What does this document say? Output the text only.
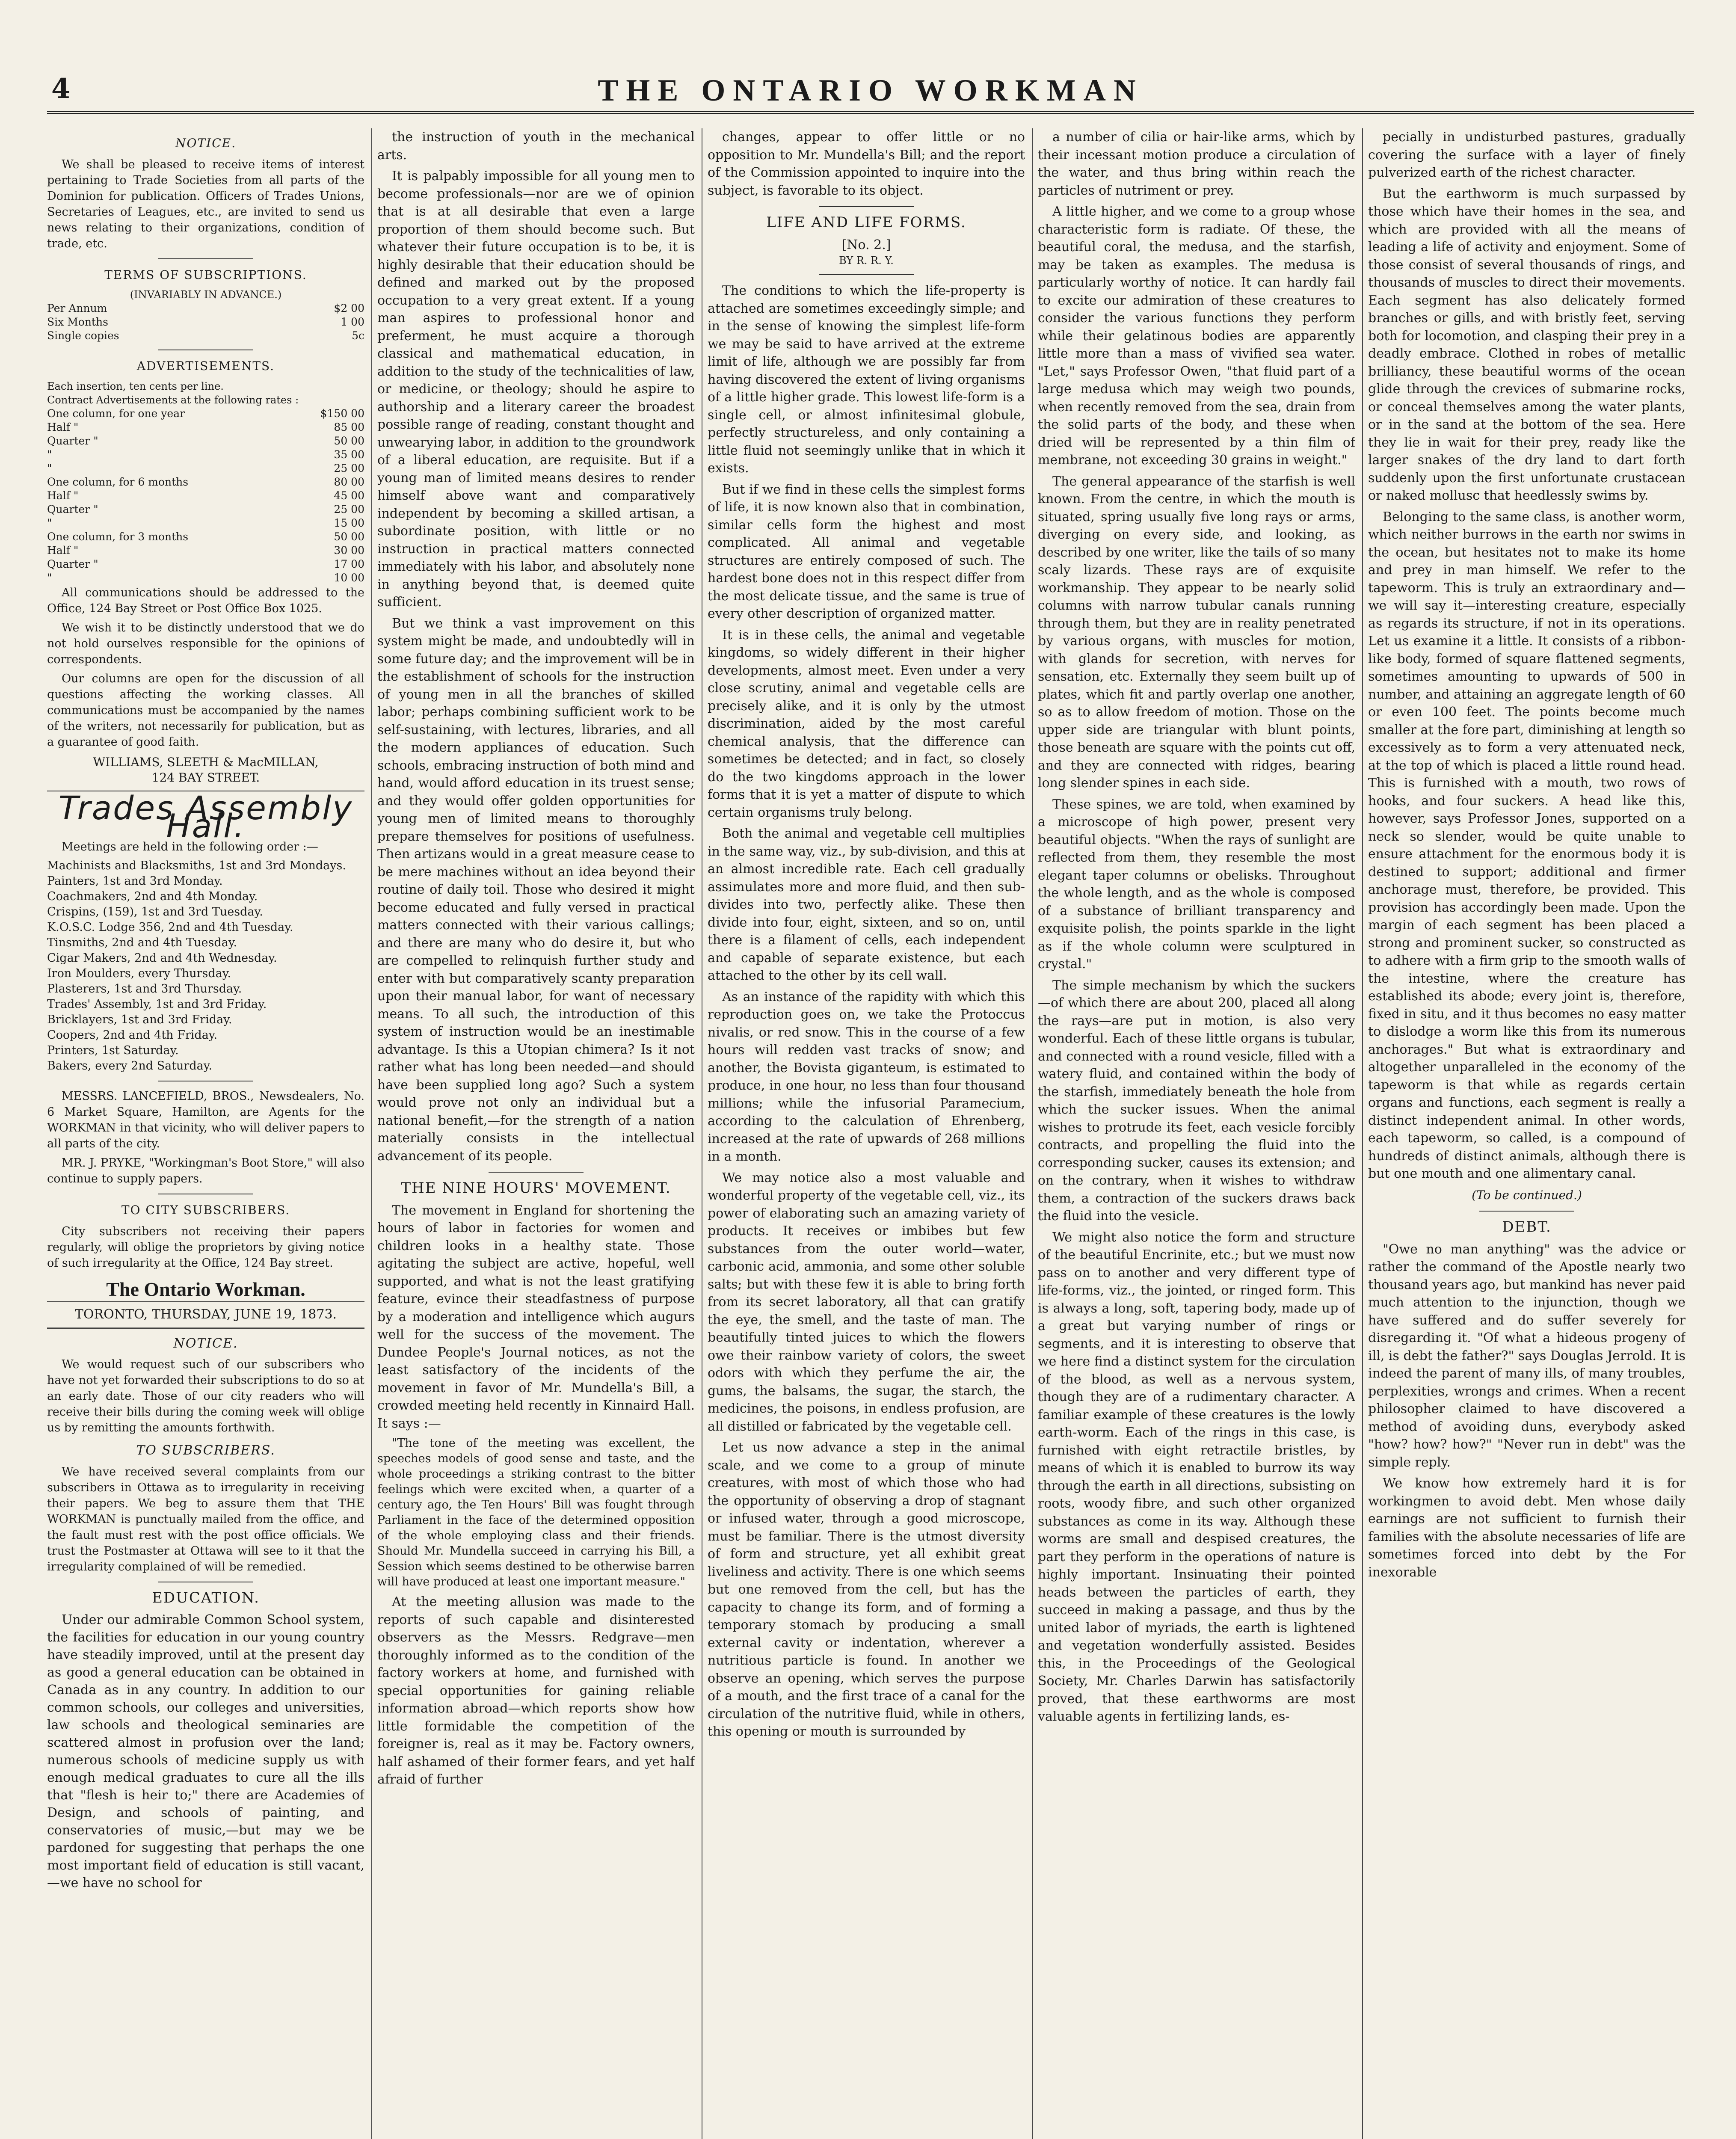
4	THE ONTARIO WORKMAN
NOTICE.

We shall be pleased to receive items of interest pertaining to Trade Societies from all parts of the Dominion for publication. Officers of Trades Unions, Secretaries of Leagues, etc., are invited to send us news relating to their organizations, condition of trade, etc.

TERMS OF SUBSCRIPTIONS.
(INVARIABLY IN ADVANCE.)
Per Annum	$2 00
Six Months	1 00
Single copies	5c
ADVERTISEMENTS.
Each insertion, ten cents per line.
Contract Advertisements at the following rates :
One column, for one year	$150 00
Half "	85 00
Quarter "	50 00
"	35 00
"	25 00
One column, for 6 months	80 00
Half "	45 00
Quarter "	25 00
"	15 00
One column, for 3 months	50 00
Half "	30 00
Quarter "	17 00
"	10 00

All communications should be addressed to the Office, 124 Bay Street or Post Office Box 1025.

We wish it to be distinctly understood that we do not hold ourselves responsible for the opinions of correspondents.

Our columns are open for the discussion of all questions affecting the working classes. All communications must be accompanied by the names of the writers, not necessarily for publication, but as a guarantee of good faith.

WILLIAMS, SLEETH & MacMILLAN,
124 BAY STREET.
Trades Assembly Hall.

Meetings are held in the following order :—

Machinists and Blacksmiths, 1st and 3rd Mondays.
Painters, 1st and 3rd Monday.
Coachmakers, 2nd and 4th Monday.
Crispins, (159), 1st and 3rd Tuesday.
K.O.S.C. Lodge 356, 2nd and 4th Tuesday.
Tinsmiths, 2nd and 4th Tuesday.
Cigar Makers, 2nd and 4th Wednesday.
Iron Moulders, every Thursday.
Plasterers, 1st and 3rd Thursday.
Trades' Assembly, 1st and 3rd Friday.
Bricklayers, 1st and 3rd Friday.
Coopers, 2nd and 4th Friday.
Printers, 1st Saturday.
Bakers, every 2nd Saturday.

MESSRS. LANCEFIELD, BROS., Newsdealers, No. 6 Market Square, Hamilton, are Agents for the WORKMAN in that vicinity, who will deliver papers to all parts of the city.

MR. J. PRYKE, "Workingman's Boot Store," will also continue to supply papers.

TO CITY SUBSCRIBERS.

City subscribers not receiving their papers regularly, will oblige the proprietors by giving notice of such irregularity at the Office, 124 Bay street.

The Ontario Workman.
TORONTO, THURSDAY, JUNE 19, 1873.
NOTICE.

We would request such of our subscribers who have not yet forwarded their subscriptions to do so at an early date. Those of our city readers who will receive their bills during the coming week will oblige us by remitting the amounts forthwith.

TO SUBSCRIBERS.

We have received several complaints from our subscribers in Ottawa as to irregularity in receiving their papers. We beg to assure them that THE WORKMAN is punctually mailed from the office, and the fault must rest with the post office officials. We trust the Postmaster at Ottawa will see to it that the irregularity complained of will be remedied.

EDUCATION.

Under our admirable Common School system, the facilities for education in our young country have steadily improved, until at the present day as good a general education can be obtained in Canada as in any country. In addition to our common schools, our colleges and universities, law schools and theological seminaries are scattered almost in profusion over the land; numerous schools of medicine supply us with enough medical graduates to cure all the ills that "flesh is heir to;" there are Academies of Design, and schools of painting, and conservatories of music,—but may we be pardoned for suggesting that perhaps the one most important field of education is still vacant,—we have no school for

the instruction of youth in the mechanical arts.

It is palpably impossible for all young men to become professionals—nor are we of opinion that is at all desirable that even a large proportion of them should become such. But whatever their future occupation is to be, it is highly desirable that their education should be defined and marked out by the proposed occupation to a very great extent. If a young man aspires to professional honor and preferment, he must acquire a thorough classical and mathematical education, in addition to the study of the technicalities of law, or medicine, or theology; should he aspire to authorship and a literary career the broadest possible range of reading, constant thought and unwearying labor, in addition to the groundwork of a liberal education, are requisite. But if a young man of limited means desires to render himself above want and comparatively independent by becoming a skilled artisan, a subordinate position, with little or no instruction in practical matters connected immediately with his labor, and absolutely none in anything beyond that, is deemed quite sufficient.

But we think a vast improvement on this system might be made, and undoubtedly will in some future day; and the improvement will be in the establishment of schools for the instruction of young men in all the branches of skilled labor; perhaps combining sufficient work to be self-sustaining, with lectures, libraries, and all the modern appliances of education. Such schools, embracing instruction of both mind and hand, would afford education in its truest sense; and they would offer golden opportunities for young men of limited means to thoroughly prepare themselves for positions of usefulness. Then artizans would in a great measure cease to be mere machines without an idea beyond their routine of daily toil. Those who desired it might become educated and fully versed in practical matters connected with their various callings; and there are many who do desire it, but who are compelled to relinquish further study and enter with but comparatively scanty preparation upon their manual labor, for want of necessary means. To all such, the introduction of this system of instruction would be an inestimable advantage. Is this a Utopian chimera? Is it not rather what has long been needed—and should have been supplied long ago? Such a system would prove not only an individual but a national benefit,—for the strength of a nation materially consists in the intellectual advancement of its people.

THE NINE HOURS' MOVEMENT.

The movement in England for shortening the hours of labor in factories for women and children looks in a healthy state. Those agitating the subject are active, hopeful, well supported, and what is not the least gratifying feature, evince their steadfastness of purpose by a moderation and intelligence which augurs well for the success of the movement. The Dundee People's Journal notices, as not the least satisfactory of the incidents of the movement in favor of Mr. Mundella's Bill, a crowded meeting held recently in Kinnaird Hall. It says :—

"The tone of the meeting was excellent, the speeches models of good sense and taste, and the whole proceedings a striking contrast to the bitter feelings which were excited when, a quarter of a century ago, the Ten Hours' Bill was fought through Parliament in the face of the determined opposition of the whole employing class and their friends. Should Mr. Mundella succeed in carrying his Bill, a Session which seems destined to be otherwise barren will have produced at least one important measure."

At the meeting allusion was made to the reports of such capable and disinterested observers as the Messrs. Redgrave—men thoroughly informed as to the condition of the factory workers at home, and furnished with special opportunities for gaining reliable information abroad—which reports show how little formidable the competition of the foreigner is, real as it may be. Factory owners, half ashamed of their former fears, and yet half afraid of further

changes, appear to offer little or no opposition to Mr. Mundella's Bill; and the report of the Commission appointed to inquire into the subject, is favorable to its object.

LIFE AND LIFE FORMS.
[No. 2.]
BY R. R. Y.

The conditions to which the life-property is attached are sometimes exceedingly simple; and in the sense of knowing the simplest life-form we may be said to have arrived at the extreme limit of life, although we are possibly far from having discovered the extent of living organisms of a little higher grade. This lowest life-form is a single cell, or almost infinitesimal globule, perfectly structureless, and only containing a little fluid not seemingly unlike that in which it exists.

But if we find in these cells the simplest forms of life, it is now known also that in combination, similar cells form the highest and most complicated. All animal and vegetable structures are entirely composed of such. The hardest bone does not in this respect differ from the most delicate tissue, and the same is true of every other description of organized matter.

It is in these cells, the animal and vegetable kingdoms, so widely different in their higher developments, almost meet. Even under a very close scrutiny, animal and vegetable cells are precisely alike, and it is only by the utmost discrimination, aided by the most careful chemical analysis, that the difference can sometimes be detected; and in fact, so closely do the two kingdoms approach in the lower forms that it is yet a matter of dispute to which certain organisms truly belong.

Both the animal and vegetable cell multiplies in the same way, viz., by sub-division, and this at an almost incredible rate. Each cell gradually assimulates more and more fluid, and then sub-divides into two, perfectly alike. These then divide into four, eight, sixteen, and so on, until there is a filament of cells, each independent and capable of separate existence, but each attached to the other by its cell wall.

As an instance of the rapidity with which this reproduction goes on, we take the Protoccus nivalis, or red snow. This in the course of a few hours will redden vast tracks of snow; and another, the Bovista giganteum, is estimated to produce, in one hour, no less than four thousand millions; while the infusorial Paramecium, according to the calculation of Ehrenberg, increased at the rate of upwards of 268 millions in a month.

We may notice also a most valuable and wonderful property of the vegetable cell, viz., its power of elaborating such an amazing variety of products. It receives or imbibes but few substances from the outer world—water, carbonic acid, ammonia, and some other soluble salts; but with these few it is able to bring forth from its secret laboratory, all that can gratify the eye, the smell, and the taste of man. The beautifully tinted juices to which the flowers owe their rainbow variety of colors, the sweet odors with which they perfume the air, the gums, the balsams, the sugar, the starch, the medicines, the poisons, in endless profusion, are all distilled or fabricated by the vegetable cell.

Let us now advance a step in the animal scale, and we come to a group of minute creatures, with most of which those who had the opportunity of observing a drop of stagnant or infused water, through a good microscope, must be familiar. There is the utmost diversity of form and structure, yet all exhibit great liveliness and activity. There is one which seems but one removed from the cell, but has the capacity to change its form, and of forming a temporary stomach by producing a small external cavity or indentation, wherever a nutritious particle is found. In another we observe an opening, which serves the purpose of a mouth, and the first trace of a canal for the circulation of the nutritive fluid, while in others, this opening or mouth is surrounded by

a number of cilia or hair-like arms, which by their incessant motion produce a circulation of the water, and thus bring within reach the particles of nutriment or prey.

A little higher, and we come to a group whose characteristic form is radiate. Of these, the beautiful coral, the medusa, and the starfish, may be taken as examples. The medusa is particularly worthy of notice. It can hardly fail to excite our admiration of these creatures to consider the various functions they perform while their gelatinous bodies are apparently little more than a mass of vivified sea water. "Let," says Professor Owen, "that fluid part of a large medusa which may weigh two pounds, when recently removed from the sea, drain from the solid parts of the body, and these when dried will be represented by a thin film of membrane, not exceeding 30 grains in weight."

The general appearance of the starfish is well known. From the centre, in which the mouth is situated, spring usually five long rays or arms, diverging on every side, and looking, as described by one writer, like the tails of so many scaly lizards. These rays are of exquisite workmanship. They appear to be nearly solid columns with narrow tubular canals running through them, but they are in reality penetrated by various organs, with muscles for motion, with glands for secretion, with nerves for sensation, etc. Externally they seem built up of plates, which fit and partly overlap one another, so as to allow freedom of motion. Those on the upper side are triangular with blunt points, those beneath are square with the points cut off, and they are connected with ridges, bearing long slender spines in each side.

These spines, we are told, when examined by a microscope of high power, present very beautiful objects. "When the rays of sunlight are reflected from them, they resemble the most elegant taper columns or obelisks. Throughout the whole length, and as the whole is composed of a substance of brilliant transparency and exquisite polish, the points sparkle in the light as if the whole column were sculptured in crystal."

The simple mechanism by which the suckers—of which there are about 200, placed all along the rays—are put in motion, is also very wonderful. Each of these little organs is tubular, and connected with a round vesicle, filled with a watery fluid, and contained within the body of the starfish, immediately beneath the hole from which the sucker issues. When the animal wishes to protrude its feet, each vesicle forcibly contracts, and propelling the fluid into the corresponding sucker, causes its extension; and on the contrary, when it wishes to withdraw them, a contraction of the suckers draws back the fluid into the vesicle.

We might also notice the form and structure of the beautiful Encrinite, etc.; but we must now pass on to another and very different type of life-forms, viz., the jointed, or ringed form. This is always a long, soft, tapering body, made up of a great but varying number of rings or segments, and it is interesting to observe that we here find a distinct system for the circulation of the blood, as well as a nervous system, though they are of a rudimentary character. A familiar example of these creatures is the lowly earth-worm. Each of the rings in this case, is furnished with eight retractile bristles, by means of which it is enabled to burrow its way through the earth in all directions, subsisting on roots, woody fibre, and such other organized substances as come in its way. Although these worms are small and despised creatures, the part they perform in the operations of nature is highly important. Insinuating their pointed heads between the particles of earth, they succeed in making a passage, and thus by the united labor of myriads, the earth is lightened and vegetation wonderfully assisted. Besides this, in the Proceedings of the Geological Society, Mr. Charles Darwin has satisfactorily proved, that these earthworms are most valuable agents in fertilizing lands, es-

pecially in undisturbed pastures, gradually covering the surface with a layer of finely pulverized earth of the richest character.

But the earthworm is much surpassed by those which have their homes in the sea, and which are provided with all the means of leading a life of activity and enjoyment. Some of those consist of several thousands of rings, and thousands of muscles to direct their movements. Each segment has also delicately formed branches or gills, and with bristly feet, serving both for locomotion, and clasping their prey in a deadly embrace. Clothed in robes of metallic brilliancy, these beautiful worms of the ocean glide through the crevices of submarine rocks, or conceal themselves among the water plants, or in the sand at the bottom of the sea. Here they lie in wait for their prey, ready like the larger snakes of the dry land to dart forth suddenly upon the first unfortunate crustacean or naked mollusc that heedlessly swims by.

Belonging to the same class, is another worm, which neither burrows in the earth nor swims in the ocean, but hesitates not to make its home and prey in man himself. We refer to the tapeworm. This is truly an extraordinary and—we will say it—interesting creature, especially as regards its structure, if not in its operations. Let us examine it a little. It consists of a ribbon-like body, formed of square flattened segments, sometimes amounting to upwards of 500 in number, and attaining an aggregate length of 60 or even 100 feet. The points become much smaller at the fore part, diminishing at length so excessively as to form a very attenuated neck, at the top of which is placed a little round head. This is furnished with a mouth, two rows of hooks, and four suckers. A head like this, however, says Professor Jones, supported on a neck so slender, would be quite unable to ensure attachment for the enormous body it is destined to support; additional and firmer anchorage must, therefore, be provided. This provision has accordingly been made. Upon the margin of each segment has been placed a strong and prominent sucker, so constructed as to adhere with a firm grip to the smooth walls of the intestine, where the creature has established its abode; every joint is, therefore, fixed in situ, and it thus becomes no easy matter to dislodge a worm like this from its numerous anchorages." But what is extraordinary and altogether unparalleled in the economy of the tapeworm is that while as regards certain organs and functions, each segment is really a distinct independent animal. In other words, each tapeworm, so called, is a compound of hundreds of distinct animals, although there is but one mouth and one alimentary canal.

(To be continued.)
DEBT.

"Owe no man anything" was the advice or rather the command of the Apostle nearly two thousand years ago, but mankind has never paid much attention to the injunction, though we have suffered and do suffer severely for disregarding it. "Of what a hideous progeny of ill, is debt the father?" says Douglas Jerrold. It is indeed the parent of many ills, of many troubles, perplexities, wrongs and crimes. When a recent philosopher claimed to have discovered a method of avoiding duns, everybody asked "how? how? how?" "Never run in debt" was the simple reply.

We know how extremely hard it is for workingmen to avoid debt. Men whose daily earnings are not sufficient to furnish their families with the absolute necessaries of life are sometimes forced into debt by the For inexorable
